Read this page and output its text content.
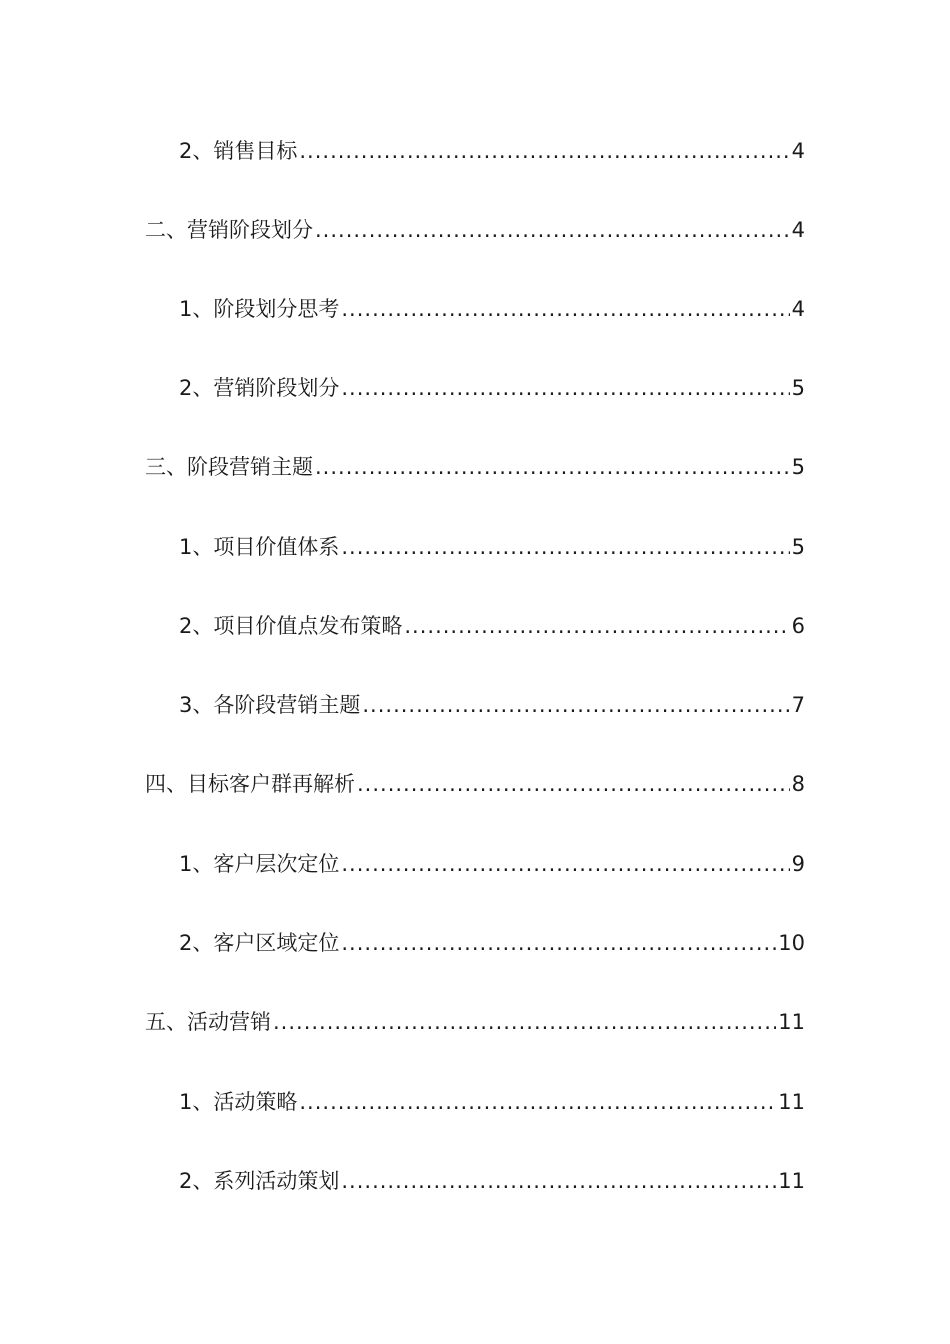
2、销售目标 .....	4
二、营销阶段划分 .....	4
1、阶段划分思考 .....	4
2、营销阶段划分 .....	5
三、阶段营销主题 .....	5
1、项目价值体系 .....	5
2、项目价值点发布策略 .....	6
3、各阶段营销主题 .....	7
四、目标客户群再解析 .....	8
1、客户层次定位 .....	9
2、客户区域定位 .....	10
五、活动营销 .....	11
1、活动策略 .....	11
2、系列活动策划 .....	11
